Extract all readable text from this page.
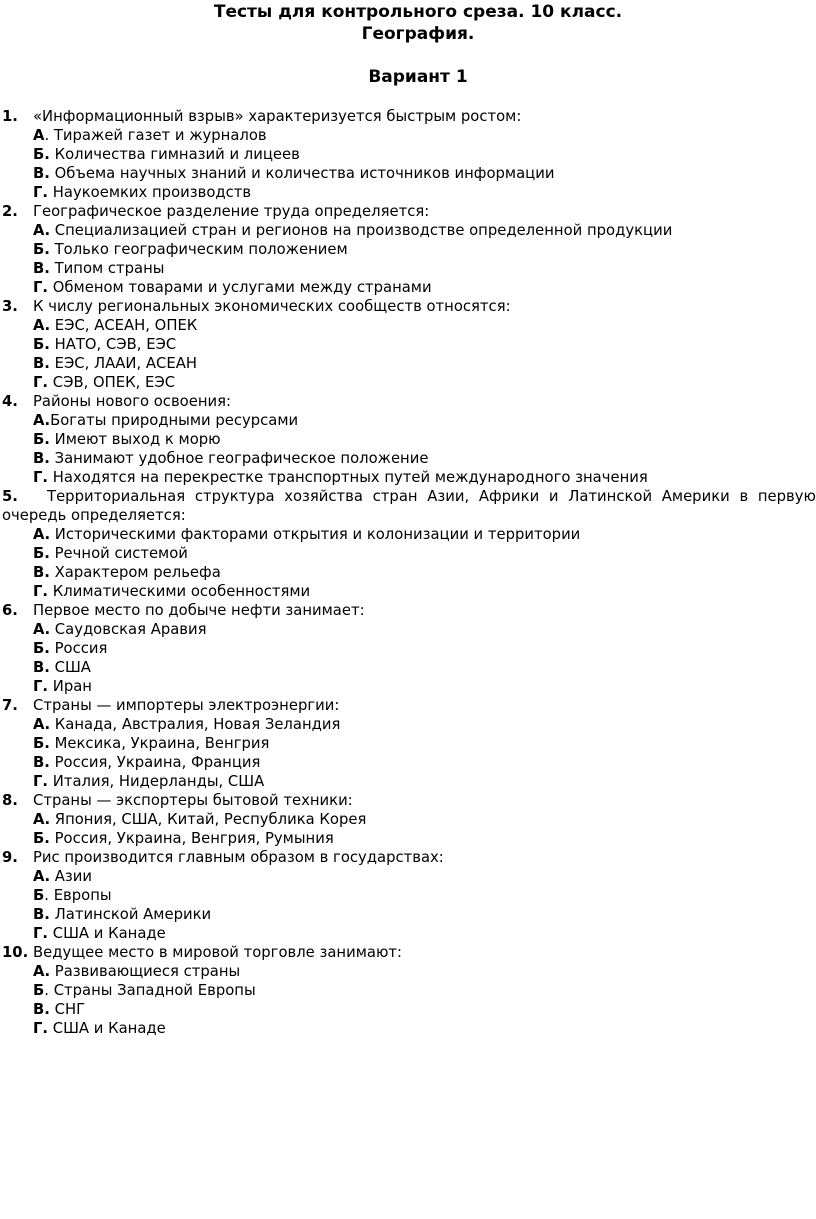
Тесты для контрольного среза. 10 класс.
География.
Вариант 1
1. «Информационный взрыв» характеризуется быстрым ростом:
А. Тиражей газет и журналов
Б. Количества гимназий и лицеев
В. Объема научных знаний и количества источников информации
Г. Наукоемких производств
2. Географическое разделение труда определяется:
А. Специализацией стран и регионов на производстве определенной продукции
Б. Только географическим положением
В. Типом страны
Г. Обменом товарами и услугами между странами
3. К числу региональных экономических сообществ относятся:
А. ЕЭС, АСЕАН, ОПЕК
Б. НАТО, СЭВ, ЕЭС
В. ЕЭС, ЛААИ, АСЕАН
Г. СЭВ, ОПЕК, ЕЭС
4. Районы нового освоения:
А.Богаты природными ресурсами
Б. Имеют выход к морю
В. Занимают удобное географическое положение
Г. Находятся на перекрестке транспортных путей международного значения
5. Территориальная структура хозяйства стран Азии, Африки и Латинской Америки в первую
очередь определяется:
А. Историческими факторами открытия и колонизации и территории
Б. Речной системой
В. Характером рельефа
Г. Климатическими особенностями
6. Первое место по добыче нефти занимает:
А. Саудовская Аравия
Б. Россия
В. США
Г. Иран
7. Страны — импортеры электроэнергии:
А. Канада, Австралия, Новая Зеландия
Б. Мексика, Украина, Венгрия
В. Россия, Украина, Франция
Г. Италия, Нидерланды, США
8. Страны — экспортеры бытовой техники:
А. Япония, США, Китай, Республика Корея
Б. Россия, Украина, Венгрия, Румыния
9. Рис производится главным образом в государствах:
А. Азии
Б. Европы
В. Латинской Америки
Г. США и Канаде
10. Ведущее место в мировой торговле занимают:
А. Развивающиеся страны
Б. Страны Западной Европы
В. СНГ
Г. США и Канаде
